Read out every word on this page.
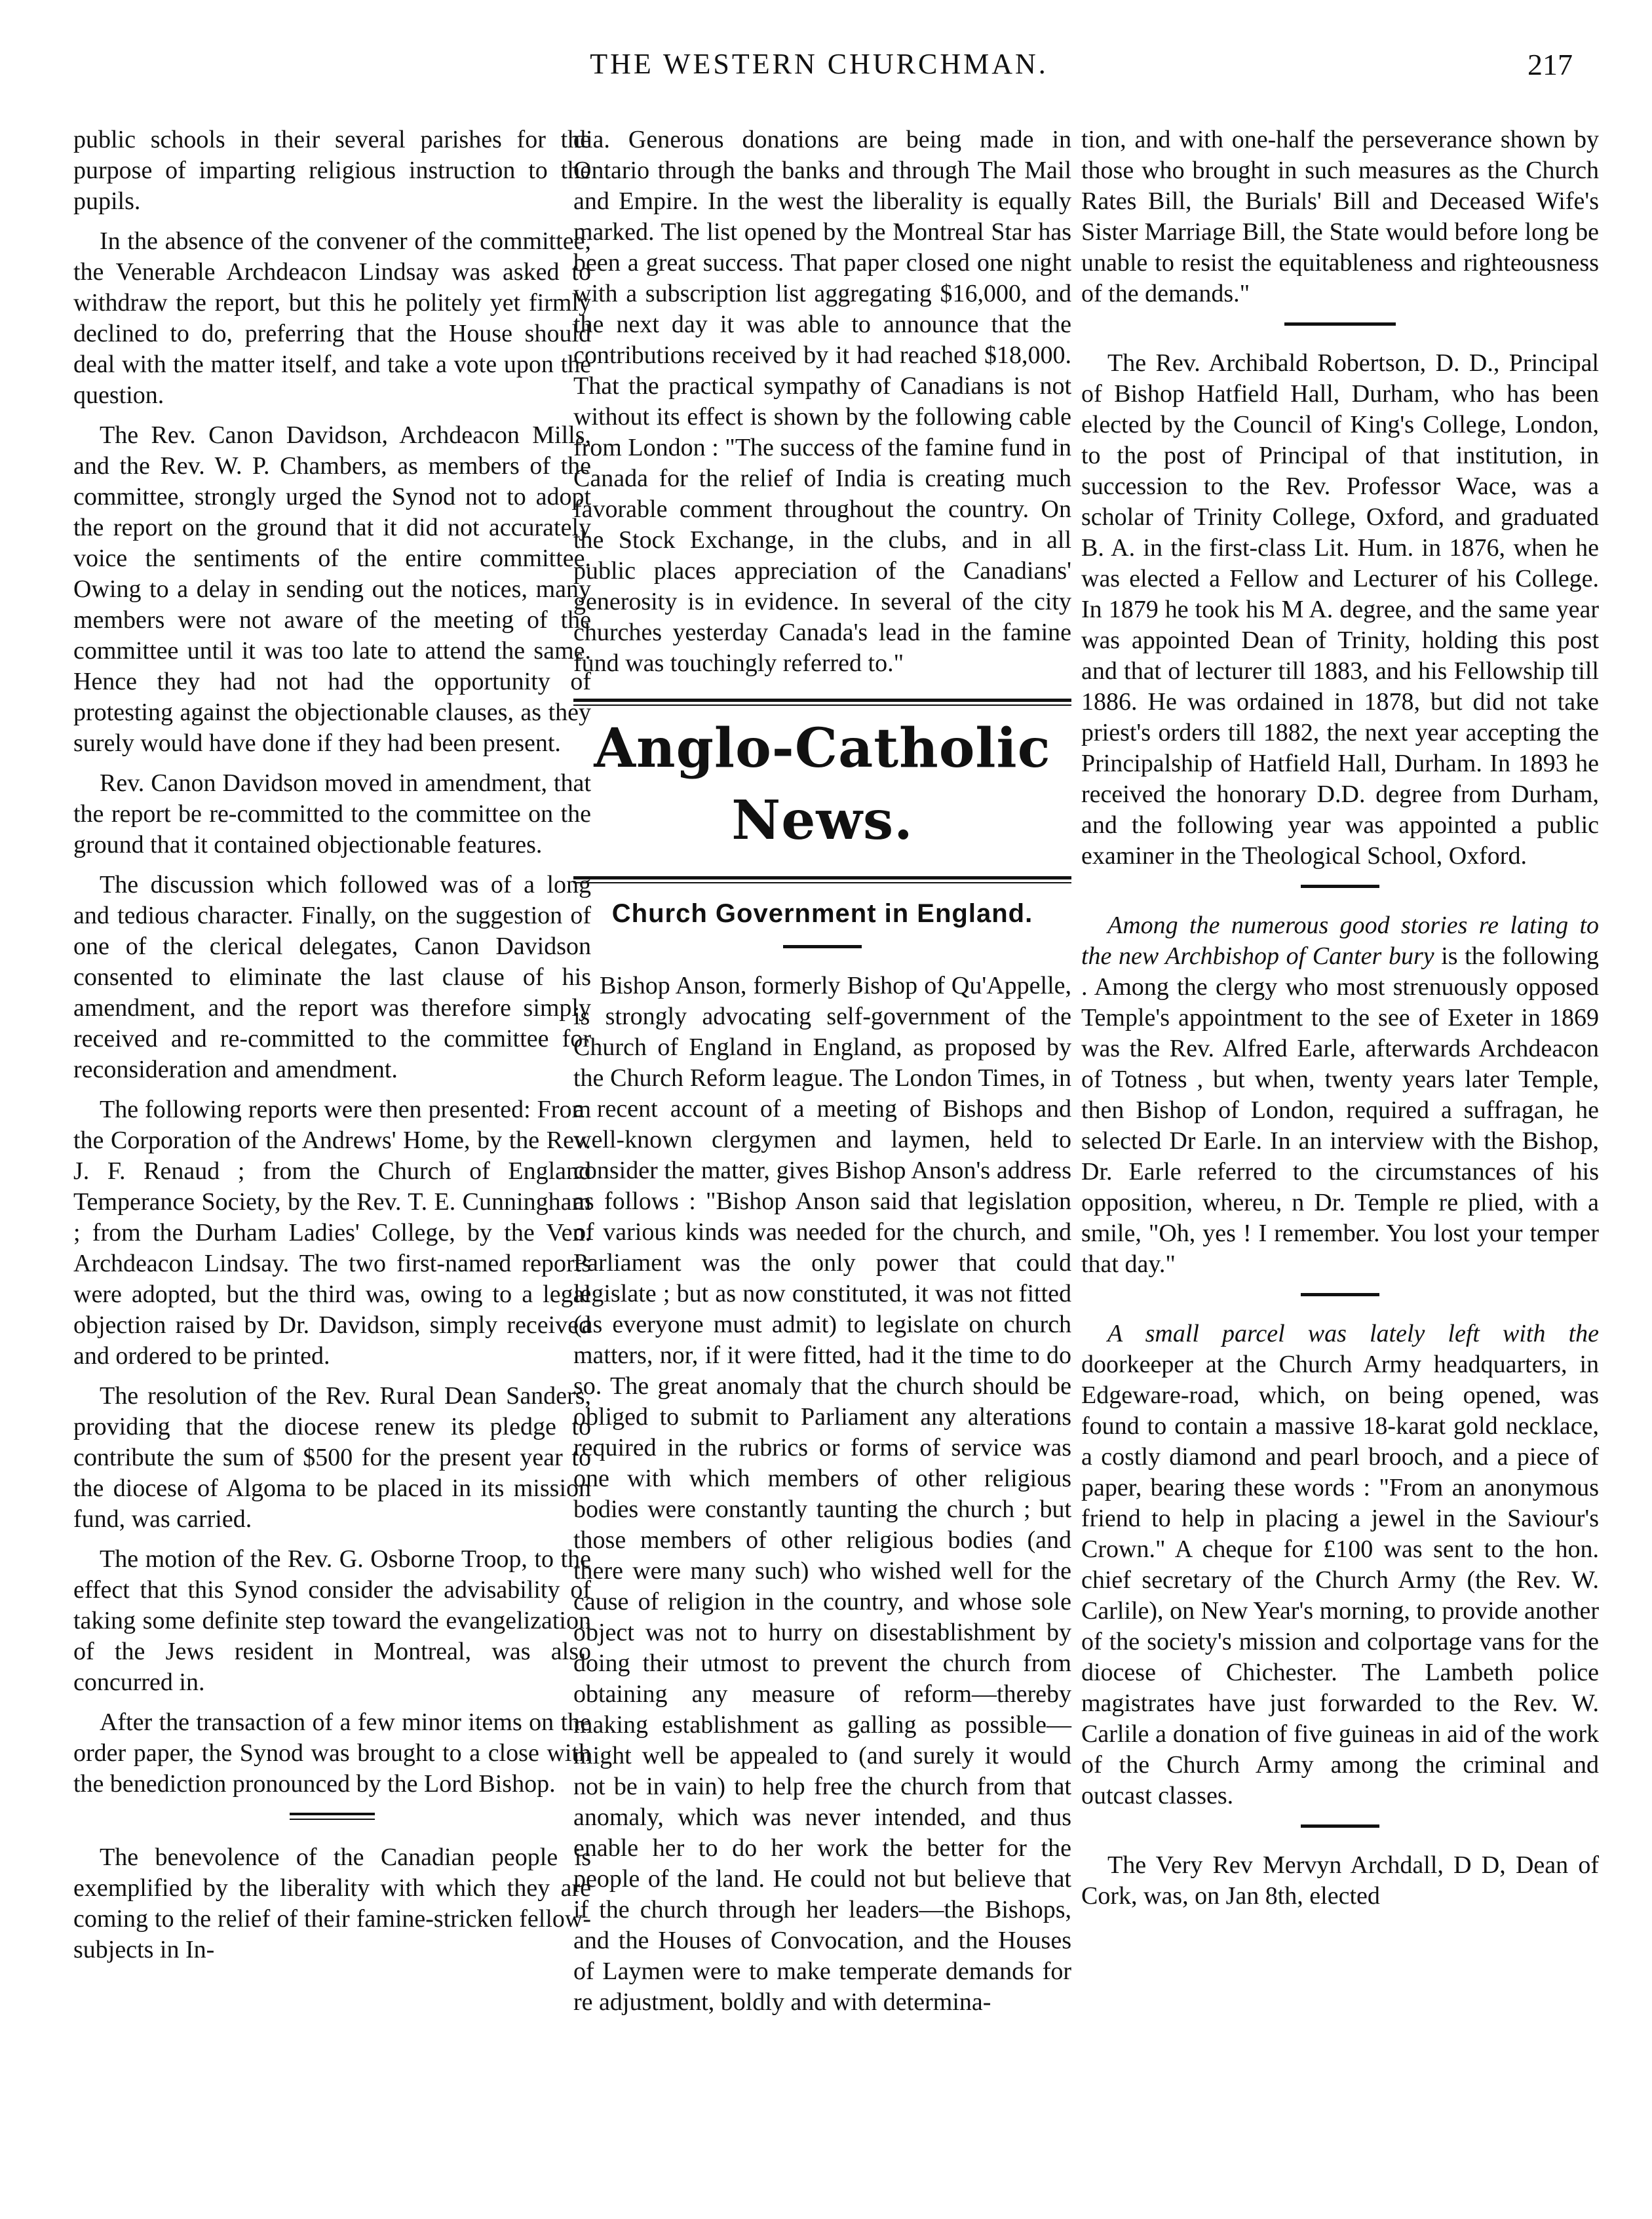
THE WESTERN CHURCHMAN.	217

public schools in their several parishes for the purpose of imparting religious instruction to the pupils.

In the absence of the convener of the committee, the Venerable Archdeacon Lindsay was asked to withdraw the report, but this he politely yet firmly declined to do, preferring that the House should deal with the matter itself, and take a vote upon the question.

The Rev. Canon Davidson, Archdeacon Mills, and the Rev. W. P. Chambers, as members of the committee, strongly urged the Synod not to adopt the report on the ground that it did not accurately voice the sentiments of the entire committee. Owing to a delay in sending out the notices, many members were not aware of the meeting of the committee until it was too late to attend the same. Hence they had not had the opportunity of protesting against the objectionable clauses, as they surely would have done if they had been present.

Rev. Canon Davidson moved in amendment, that the report be re-committed to the committee on the ground that it contained objectionable features.

The discussion which followed was of a long and tedious character. Finally, on the suggestion of one of the clerical delegates, Canon Davidson consented to eliminate the last clause of his amendment, and the report was therefore simply received and re-committed to the committee for reconsideration and amendment.

The following reports were then presented: From the Corporation of the Andrews' Home, by the Rev. J. F. Renaud ; from the Church of England Temperance Society, by the Rev. T. E. Cunningham ; from the Durham Ladies' College, by the Ven. Archdeacon Lindsay. The two first-named reports were adopted, but the third was, owing to a legal objection raised by Dr. Davidson, simply received and ordered to be printed.

The resolution of the Rev. Rural Dean Sanders, providing that the diocese renew its pledge to contribute the sum of $500 for the present year to the diocese of Algoma to be placed in its mission fund, was carried.

The motion of the Rev. G. Osborne Troop, to the effect that this Synod consider the advisability of taking some definite step toward the evangelization of the Jews resident in Montreal, was also concurred in.

After the transaction of a few minor items on the order paper, the Synod was brought to a close with the benediction pronounced by the Lord Bishop.

The benevolence of the Canadian people is exemplified by the liberality with which they are coming to the relief of their famine-stricken fellow-subjects in In-

dia. Generous donations are being made in Ontario through the banks and through The Mail and Empire. In the west the liberality is equally marked. The list opened by the Montreal Star has been a great success. That paper closed one night with a subscription list aggregating $16,000, and the next day it was able to announce that the contributions received by it had reached $18,000. That the practical sympathy of Canadians is not without its effect is shown by the following cable from London : "The success of the famine fund in Canada for the relief of India is creating much favorable comment throughout the country. On the Stock Exchange, in the clubs, and in all public places appreciation of the Canadians' generosity is in evidence. In several of the city churches yesterday Canada's lead in the famine fund was touchingly referred to."

Anglo-Catholic News.
Church Government in England.

Bishop Anson, formerly Bishop of Qu'Appelle, is strongly advocating self-government of the Church of England in England, as proposed by the Church Reform league. The London Times, in a recent account of a meeting of Bishops and well-known clergymen and laymen, held to consider the matter, gives Bishop Anson's address as follows : "Bishop Anson said that legislation of various kinds was needed for the church, and Parliament was the only power that could legislate ; but as now constituted, it was not fitted (as everyone must admit) to legislate on church matters, nor, if it were fitted, had it the time to do so. The great anomaly that the church should be obliged to submit to Parliament any alterations required in the rubrics or forms of service was one with which members of other religious bodies were constantly taunting the church ; but those members of other religious bodies (and there were many such) who wished well for the cause of religion in the country, and whose sole object was not to hurry on disestablishment by doing their utmost to prevent the church from obtaining any measure of reform—thereby making establishment as galling as possible—might well be appealed to (and surely it would not be in vain) to help free the church from that anomaly, which was never intended, and thus enable her to do her work the better for the people of the land. He could not but believe that if the church through her leaders—the Bishops, and the Houses of Convocation, and the Houses of Laymen were to make temperate demands for re adjustment, boldly and with determina-

tion, and with one-half the perseverance shown by those who brought in such measures as the Church Rates Bill, the Burials' Bill and Deceased Wife's Sister Marriage Bill, the State would before long be unable to resist the equitableness and righteousness of the demands."

The Rev. Archibald Robertson, D. D., Principal of Bishop Hatfield Hall, Durham, who has been elected by the Council of King's College, London, to the post of Principal of that institution, in succession to the Rev. Professor Wace, was a scholar of Trinity College, Oxford, and graduated B. A. in the first-class Lit. Hum. in 1876, when he was elected a Fellow and Lecturer of his College. In 1879 he took his M A. degree, and the same year was appointed Dean of Trinity, holding this post and that of lecturer till 1883, and his Fellowship till 1886. He was ordained in 1878, but did not take priest's orders till 1882, the next year accepting the Principalship of Hatfield Hall, Durham. In 1893 he received the honorary D.D. degree from Durham, and the following year was appointed a public examiner in the Theological School, Oxford.

Among the numerous good stories re lating to the new Archbishop of Canter bury is the following . Among the clergy who most strenuously opposed Temple's appointment to the see of Exeter in 1869 was the Rev. Alfred Earle, afterwards Archdeacon of Totness , but when, twenty years later Temple, then Bishop of London, required a suffragan, he selected Dr Earle. In an interview with the Bishop, Dr. Earle referred to the circumstances of his opposition, whereu, n Dr. Temple re plied, with a smile, "Oh, yes ! I remember. You lost your temper that day."

A small parcel was lately left with the doorkeeper at the Church Army headquarters, in Edgeware-road, which, on being opened, was found to contain a massive 18-karat gold necklace, a costly diamond and pearl brooch, and a piece of paper, bearing these words : "From an anonymous friend to help in placing a jewel in the Saviour's Crown." A cheque for £100 was sent to the hon. chief secretary of the Church Army (the Rev. W. Carlile), on New Year's morning, to provide another of the society's mission and colportage vans for the diocese of Chichester. The Lambeth police magistrates have just forwarded to the Rev. W. Carlile a donation of five guineas in aid of the work of the Church Army among the criminal and outcast classes.

The Very Rev Mervyn Archdall, D D, Dean of Cork, was, on Jan 8th, elected
